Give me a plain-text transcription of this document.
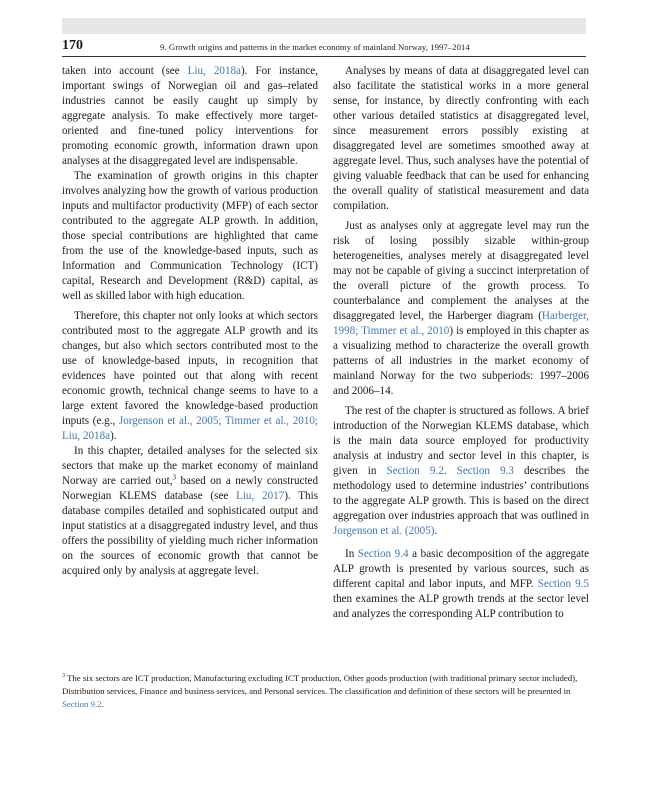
170	9. Growth origins and patterns in the market economy of mainland Norway, 1997–2014

taken into account (see Liu, 2018a). For instance, important swings of Norwegian oil and gas–related industries cannot be easily caught up simply by aggregate analysis. To make effectively more target-oriented and fine-tuned policy interventions for promoting economic growth, information drawn upon analyses at the disaggregated level are indispensable.

The examination of growth origins in this chapter involves analyzing how the growth of various production inputs and multifactor productivity (MFP) of each sector contributed to the aggregate ALP growth. In addition, those special contributions are highlighted that came from the use of the knowledge-based inputs, such as Information and Communication Technology (ICT) capital, Research and Development (R&D) capital, as well as skilled labor with high education.

Therefore, this chapter not only looks at which sectors contributed most to the aggregate ALP growth and its changes, but also which sectors contributed most to the use of knowledge-based inputs, in recognition that evidences have pointed out that along with recent economic growth, technical change seems to have to a large extent favored the knowledge-based production inputs (e.g., Jorgenson et al., 2005; Timmer et al., 2010; Liu, 2018a).

In this chapter, detailed analyses for the selected six sectors that make up the market economy of mainland Norway are carried out,$^3$ based on a newly constructed Norwegian KLEMS database (see Liu, 2017). This database compiles detailed and sophisticated output and input statistics at a disaggregated industry level, and thus offers the possibility of yielding much richer information on the sources of economic growth that cannot be acquired only by analysis at aggregate level.

Analyses by means of data at disaggregated level can also facilitate the statistical works in a more general sense, for instance, by directly confronting with each other various detailed statistics at disaggregated level, since measurement errors possibly existing at disaggregated level are sometimes smoothed away at aggregate level. Thus, such analyses have the potential of giving valuable feedback that can be used for enhancing the overall quality of statistical measurement and data compilation.

Just as analyses only at aggregate level may run the risk of losing possibly sizable within-group heterogeneities, analyses merely at disaggregated level may not be capable of giving a succinct interpretation of the overall picture of the growth process. To counterbalance and complement the analyses at the disaggregated level, the Harberger diagram (Harberger, 1998; Timmer et al., 2010) is employed in this chapter as a visualizing method to characterize the overall growth patterns of all industries in the market economy of mainland Norway for the two subperiods: 1997–2006 and 2006–14.

The rest of the chapter is structured as follows. A brief introduction of the Norwegian KLEMS database, which is the main data source employed for productivity analysis at industry and sector level in this chapter, is given in Section 9.2. Section 9.3 describes the methodology used to determine industries’ contributions to the aggregate ALP growth. This is based on the direct aggregation over industries approach that was outlined in Jorgenson et al. (2005).

In Section 9.4 a basic decomposition of the aggregate ALP growth is presented by various sources, such as different capital and labor inputs, and MFP. Section 9.5 then examines the ALP growth trends at the sector level and analyzes the corresponding ALP contribution to

$^3$ The six sectors are ICT production, Manufacturing excluding ICT production, Other goods production (with traditional primary sector included), Distribution services, Finance and business services, and Personal services. The classification and definition of these sectors will be presented in Section 9.2.
